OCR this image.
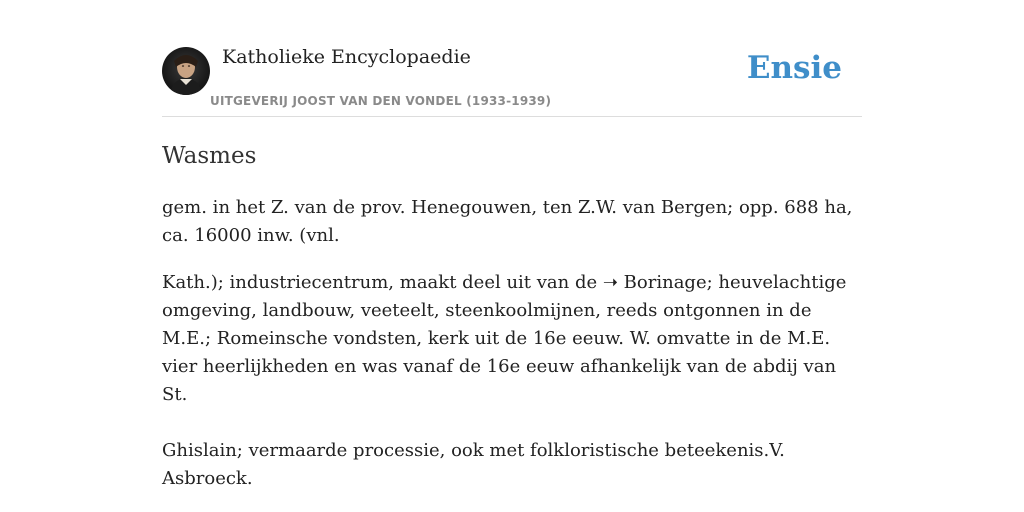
Katholieke Encyclopaedie
UITGEVERIJ JOOST VAN DEN VONDEL (1933-1939)
Ensie
Wasmes

gem. in het Z. van de prov. Henegouwen, ten Z.W. van Bergen; opp. 688 ha, ca. 16000 inw. (vnl.

Kath.); industriecentrum, maakt deel uit van de ➝ Borinage; heuvelachtige omgeving, landbouw, veeteelt, steenkoolmijnen, reeds ontgonnen in de M.E.; Romeinsche vondsten, kerk uit de 16e eeuw. W. omvatte in de M.E. vier heerlijkheden en was vanaf de 16e eeuw afhankelijk van de abdij van St.

Ghislain; vermaarde processie, ook met folkloristische beteekenis.V. Asbroeck.
